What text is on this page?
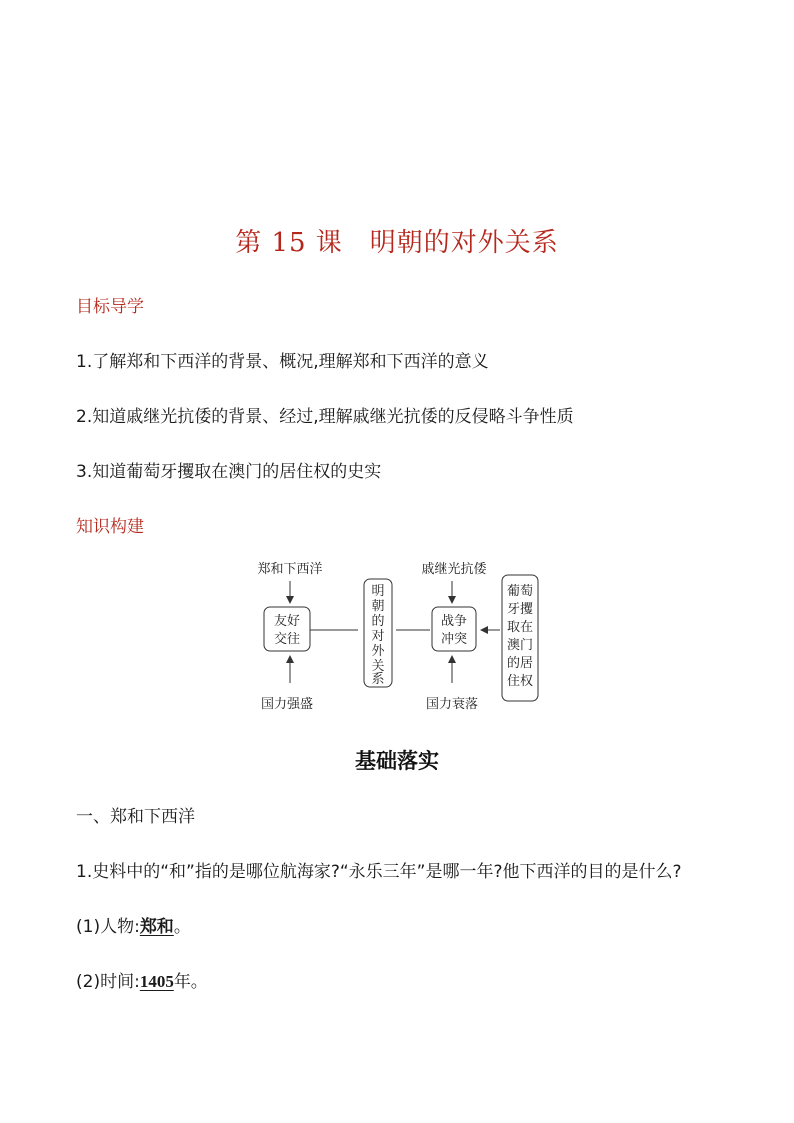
第 15 课　明朝的对外关系
目标导学
1.了解郑和下西洋的背景、概况,理解郑和下西洋的意义
2.知道戚继光抗倭的背景、经过,理解戚继光抗倭的反侵略斗争性质
3.知道葡萄牙攫取在澳门的居住权的史实
知识构建
郑和下西洋
友好
交往
国力强盛
明
朝
的
对
外
关
系
戚继光抗倭
战争
冲突
国力衰落
葡萄
牙攫
取在
澳门
的居
住权
基础落实
一、郑和下西洋
1.史料中的“和”指的是哪位航海家?“永乐三年”是哪一年?他下西洋的目的是什么?
(1)人物:郑和。
(2)时间:1405年。
